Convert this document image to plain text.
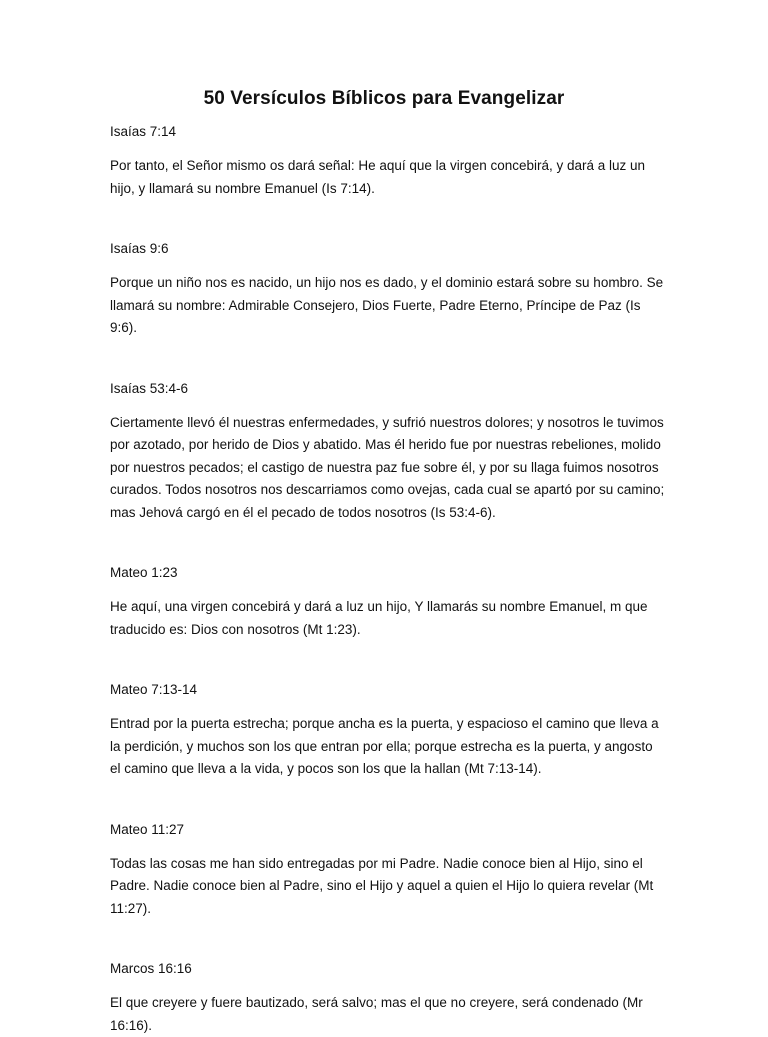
50 Versículos Bíblicos para Evangelizar

Isaías 7:14

Por tanto, el Señor mismo os dará señal: He aquí que la virgen concebirá, y dará a luz un hijo, y llamará su nombre Emanuel (Is 7:14).

Isaías 9:6

Porque un niño nos es nacido, un hijo nos es dado, y el dominio estará sobre su hombro. Se llamará su nombre: Admirable Consejero, Dios Fuerte, Padre Eterno, Príncipe de Paz (Is 9:6).

Isaías 53:4-6

Ciertamente llevó él nuestras enfermedades, y sufrió nuestros dolores; y nosotros le tuvimos por azotado, por herido de Dios y abatido. Mas él herido fue por nuestras rebeliones, molido por nuestros pecados; el castigo de nuestra paz fue sobre él, y por su llaga fuimos nosotros curados. Todos nosotros nos descarriamos como ovejas, cada cual se apartó por su camino; mas Jehová cargó en él el pecado de todos nosotros (Is 53:4-6).

Mateo 1:23

He aquí, una virgen concebirá y dará a luz un hijo, Y llamarás su nombre Emanuel, m que traducido es: Dios con nosotros (Mt 1:23).

Mateo 7:13-14

Entrad por la puerta estrecha; porque ancha es la puerta, y espacioso el camino que lleva a la perdición, y muchos son los que entran por ella; porque estrecha es la puerta, y angosto el camino que lleva a la vida, y pocos son los que la hallan (Mt 7:13-14).

Mateo 11:27

Todas las cosas me han sido entregadas por mi Padre. Nadie conoce bien al Hijo, sino el Padre. Nadie conoce bien al Padre, sino el Hijo y aquel a quien el Hijo lo quiera revelar (Mt 11:27).

Marcos 16:16

El que creyere y fuere bautizado, será salvo; mas el que no creyere, será condenado (Mr 16:16).
